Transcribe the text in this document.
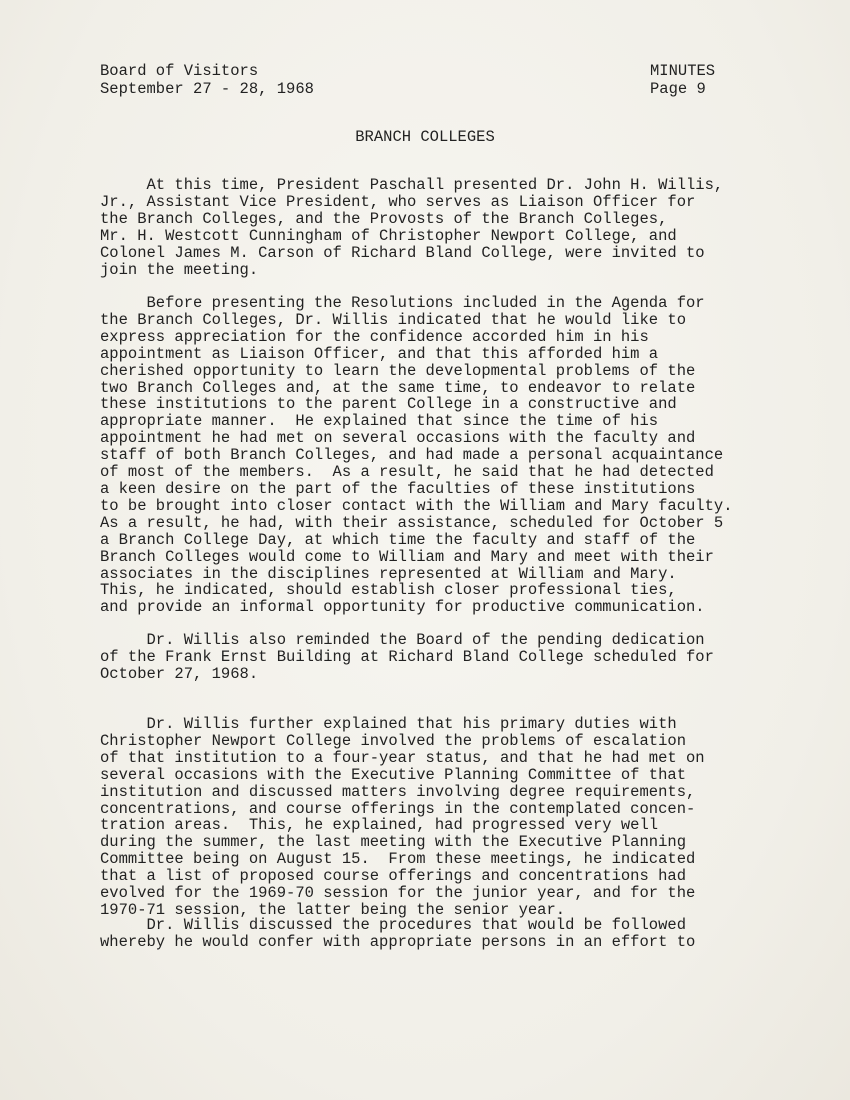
Board of Visitors
September 27 - 28, 1968
MINUTES
Page 9
BRANCH COLLEGES
At this time, President Paschall presented Dr. John H. Willis,
Jr., Assistant Vice President, who serves as Liaison Officer for
the Branch Colleges, and the Provosts of the Branch Colleges,
Mr. H. Westcott Cunningham of Christopher Newport College, and
Colonel James M. Carson of Richard Bland College, were invited to
join the meeting.
Before presenting the Resolutions included in the Agenda for
the Branch Colleges, Dr. Willis indicated that he would like to
express appreciation for the confidence accorded him in his
appointment as Liaison Officer, and that this afforded him a
cherished opportunity to learn the developmental problems of the
two Branch Colleges and, at the same time, to endeavor to relate
these institutions to the parent College in a constructive and
appropriate manner.  He explained that since the time of his
appointment he had met on several occasions with the faculty and
staff of both Branch Colleges, and had made a personal acquaintance
of most of the members.  As a result, he said that he had detected
a keen desire on the part of the faculties of these institutions
to be brought into closer contact with the William and Mary faculty.
As a result, he had, with their assistance, scheduled for October 5
a Branch College Day, at which time the faculty and staff of the
Branch Colleges would come to William and Mary and meet with their
associates in the disciplines represented at William and Mary.
This, he indicated, should establish closer professional ties,
and provide an informal opportunity for productive communication.
Dr. Willis also reminded the Board of the pending dedication
of the Frank Ernst Building at Richard Bland College scheduled for
October 27, 1968.
Dr. Willis further explained that his primary duties with
Christopher Newport College involved the problems of escalation
of that institution to a four-year status, and that he had met on
several occasions with the Executive Planning Committee of that
institution and discussed matters involving degree requirements,
concentrations, and course offerings in the contemplated concen-
tration areas.  This, he explained, had progressed very well
during the summer, the last meeting with the Executive Planning
Committee being on August 15.  From these meetings, he indicated
that a list of proposed course offerings and concentrations had
evolved for the 1969-70 session for the junior year, and for the
1970-71 session, the latter being the senior year.
Dr. Willis discussed the procedures that would be followed
whereby he would confer with appropriate persons in an effort to
